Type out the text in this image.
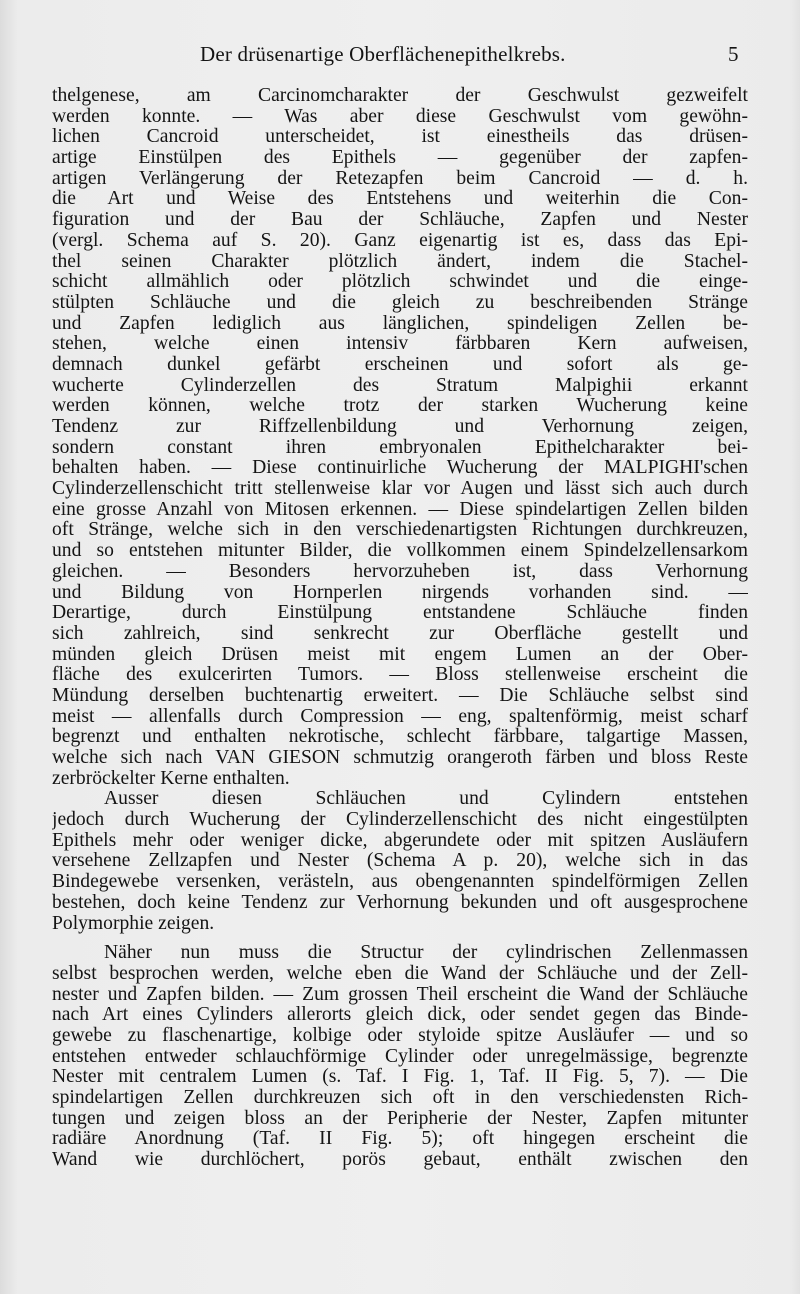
Der drüsenartige Oberflächenepithelkrebs.	5
thelgenese, am Carcinomcharakter der Geschwulst gezweifelt
werden konnte. — Was aber diese Geschwulst vom gewöhn-
lichen Cancroid unterscheidet, ist einestheils das drüsen-
artige Einstülpen des Epithels — gegenüber der zapfen-
artigen Verlängerung der Retezapfen beim Cancroid — d. h.
die Art und Weise des Entstehens und weiterhin die Con-
figuration und der Bau der Schläuche, Zapfen und Nester
(vergl. Schema auf S. 20). Ganz eigenartig ist es, dass das Epi-
thel seinen Charakter plötzlich ändert, indem die Stachel-
schicht allmählich oder plötzlich schwindet und die einge-
stülpten Schläuche und die gleich zu beschreibenden Stränge
und Zapfen lediglich aus länglichen, spindeligen Zellen be-
stehen, welche einen intensiv färbbaren Kern aufweisen,
demnach dunkel gefärbt erscheinen und sofort als ge-
wucherte Cylinderzellen des Stratum Malpighii erkannt
werden können, welche trotz der starken Wucherung keine
Tendenz zur Riffzellenbildung und Verhornung zeigen,
sondern constant ihren embryonalen Epithelcharakter bei-
behalten haben. — Diese continuirliche Wucherung der MALPIGHI'schen
Cylinderzellenschicht tritt stellenweise klar vor Augen und lässt sich auch durch
eine grosse Anzahl von Mitosen erkennen. — Diese spindelartigen Zellen bilden
oft Stränge, welche sich in den verschiedenartigsten Richtungen durchkreuzen,
und so entstehen mitunter Bilder, die vollkommen einem Spindelzellensarkom
gleichen. — Besonders hervorzuheben ist, dass Verhornung
und Bildung von Hornperlen nirgends vorhanden sind. —
Derartige, durch Einstülpung entstandene Schläuche finden
sich zahlreich, sind senkrecht zur Oberfläche gestellt und
münden gleich Drüsen meist mit engem Lumen an der Ober-
fläche des exulcerirten Tumors. — Bloss stellenweise erscheint die
Mündung derselben buchtenartig erweitert. — Die Schläuche selbst sind
meist — allenfalls durch Compression — eng, spaltenförmig, meist scharf
begrenzt und enthalten nekrotische, schlecht färbbare, talgartige Massen,
welche sich nach VAN GIESON schmutzig orangeroth färben und bloss Reste
zerbröckelter Kerne enthalten.
Ausser diesen Schläuchen und Cylindern entstehen
jedoch durch Wucherung der Cylinderzellenschicht des nicht eingestülpten
Epithels mehr oder weniger dicke, abgerundete oder mit spitzen Ausläufern
versehene Zellzapfen und Nester (Schema A p. 20), welche sich in das
Bindegewebe versenken, verästeln, aus obengenannten spindelförmigen Zellen
bestehen, doch keine Tendenz zur Verhornung bekunden und oft ausgesprochene
Polymorphie zeigen.
Näher nun muss die Structur der cylindrischen Zellenmassen
selbst besprochen werden, welche eben die Wand der Schläuche und der Zell-
nester und Zapfen bilden. — Zum grossen Theil erscheint die Wand der Schläuche
nach Art eines Cylinders allerorts gleich dick, oder sendet gegen das Binde-
gewebe zu flaschenartige, kolbige oder styloide spitze Ausläufer — und so
entstehen entweder schlauchförmige Cylinder oder unregelmässige, begrenzte
Nester mit centralem Lumen (s. Taf. I Fig. 1, Taf. II Fig. 5, 7). — Die
spindelartigen Zellen durchkreuzen sich oft in den verschiedensten Rich-
tungen und zeigen bloss an der Peripherie der Nester, Zapfen mitunter
radiäre Anordnung (Taf. II Fig. 5); oft hingegen erscheint die
Wand wie durchlöchert, porös gebaut, enthält zwischen den
